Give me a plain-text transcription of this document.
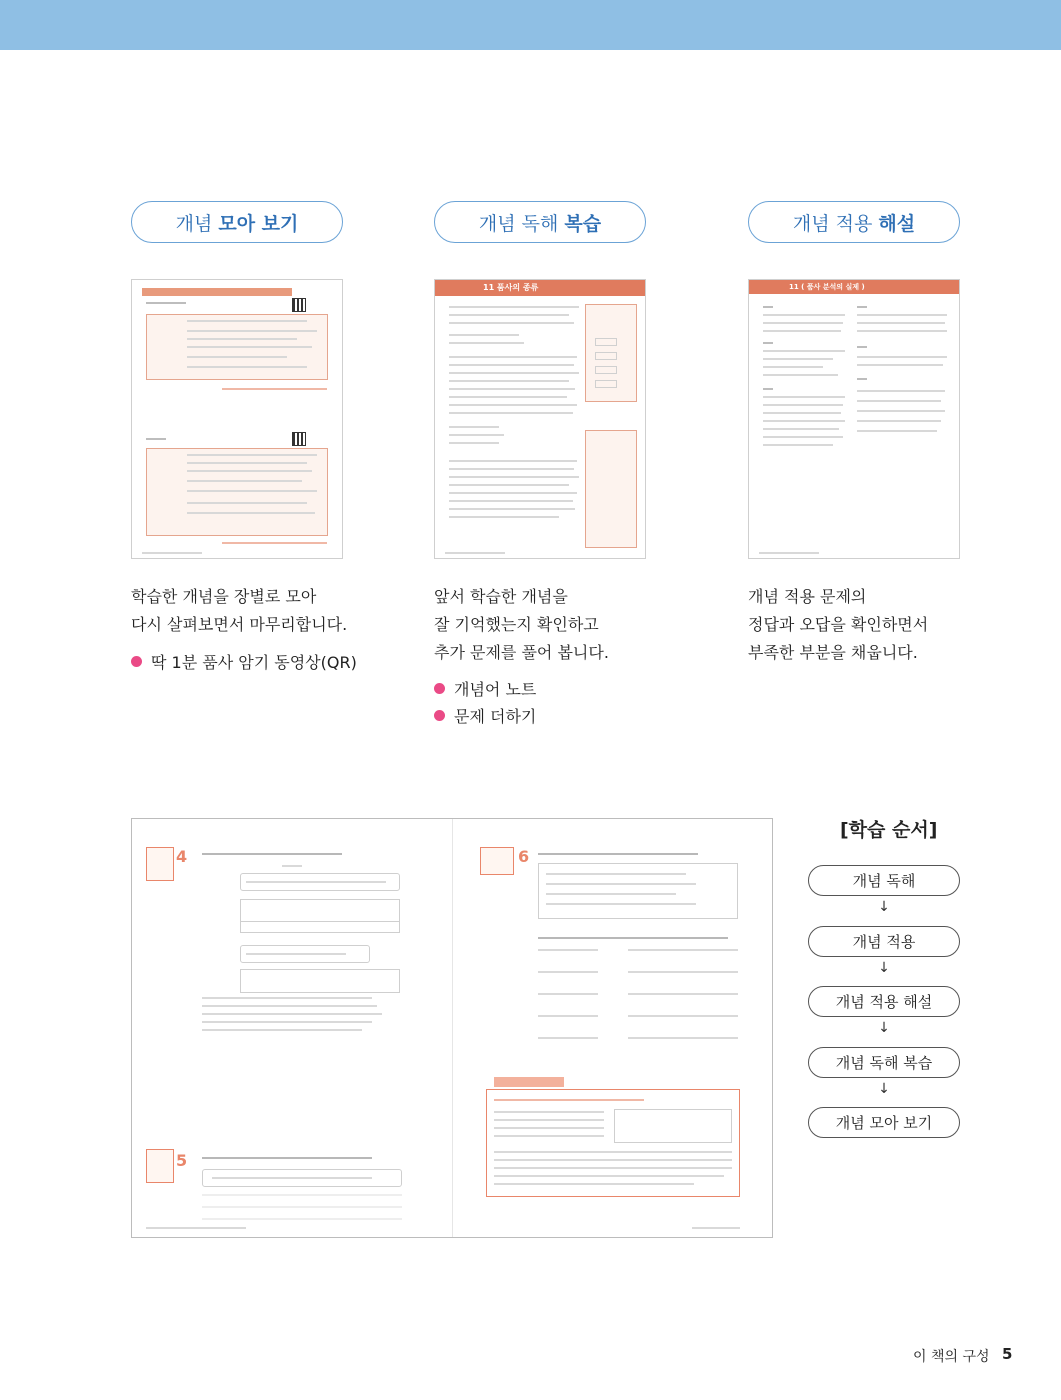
개념 모아 보기
학습한 개념을 장별로 모아
다시 살펴보면서 마무리합니다.
딱 1분 품사 암기 동영상(QR)
개념 독해 복습
11 품사의 종류
앞서 학습한 개념을
잘 기억했는지 확인하고
추가 문제를 풀어 봅니다.
개념어 노트
문제 더하기
개념 적용 해설
11 ( 품사 분석의 실제 )
개념 적용 문제의
정답과 오답을 확인하면서
부족한 부분을 채웁니다.
4
5
6
[학습 순서]
개념 독해
↓
개념 적용
↓
개념 적용 해설
↓
개념 독해 복습
↓
개념 모아 보기
이 책의 구성 5
